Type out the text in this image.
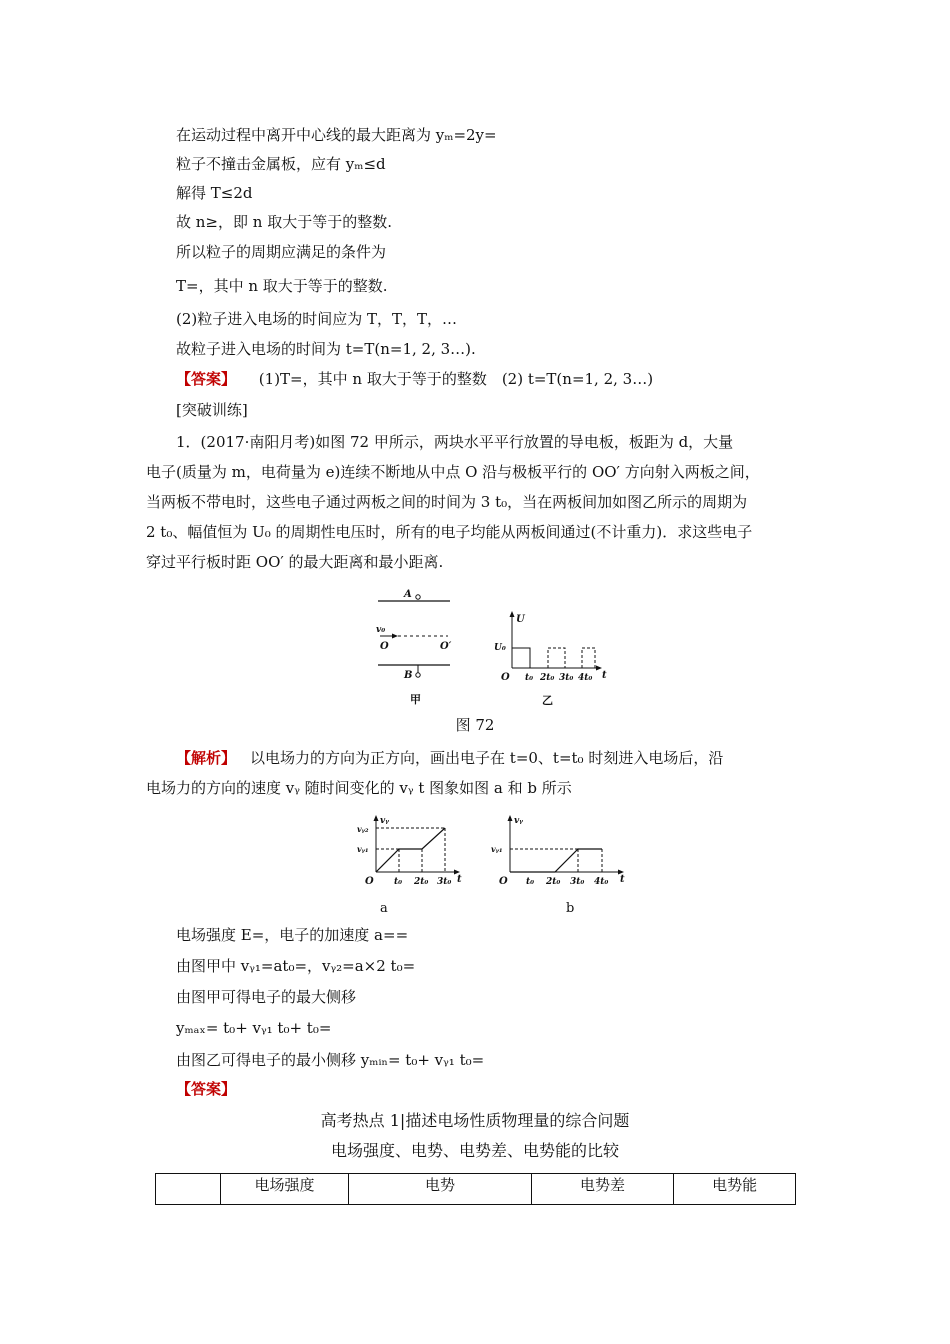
在运动过程中离开中心线的最大距离为 yₘ=2y=
粒子不撞击金属板，应有 yₘ≤d
解得 T≤2d
故 n≥，即 n 取大于等于的整数.
所以粒子的周期应满足的条件为
T=，其中 n 取大于等于的整数.
(2)粒子进入电场的时间应为 T，T，T，…
故粒子进入电场的时间为 t=T(n=1, 2, 3…).
【答案】 (1)T=，其中 n 取大于等于的整数　(2) t=T(n=1, 2, 3…)
[突破训练]
1．(2017·南阳月考)如图 72 甲所示，两块水平平行放置的导电板，板距为 d，大量
电子(质量为 m，电荷量为 e)连续不断地从中点 O 沿与极板平行的 OO′ 方向射入两板之间，
当两板不带电时，这些电子通过两板之间的时间为 3 t₀，当在两板间加如图乙所示的周期为
2 t₀、幅值恒为 U₀ 的周期性电压时，所有的电子均能从两板间通过(不计重力)．求这些电子
穿过平行板时距 OO′ 的最大距离和最小距离.
A
v₀
O	O′
B
甲
U
U₀
O t₀ 2t₀ 3t₀ 4t₀ t
乙
图 72
【解析】 以电场力的方向为正方向，画出电子在 t=0、t=t₀ 时刻进入电场后，沿
电场力的方向的速度 vᵧ 随时间变化的 vᵧ t 图象如图 a 和 b 所示
vᵧ
vᵧ₂
vᵧ₁
O t₀ 2t₀ 3t₀ t
a
vᵧ
vᵧ₁
O t₀ 2t₀ 3t₀ 4t₀ t
b
电场强度 E=，电子的加速度 a==
由图甲中 vᵧ₁=at₀=，vᵧ₂=a×2 t₀=
由图甲可得电子的最大侧移
yₘₐₓ= t₀+ vᵧ₁ t₀+ t₀=
由图乙可得电子的最小侧移 yₘᵢₙ= t₀+ vᵧ₁ t₀=
【答案】
高考热点 1|描述电场性质物理量的综合问题
电场强度、电势、电势差、电势能的比较
	电场强度	电势	电势差	电势能
